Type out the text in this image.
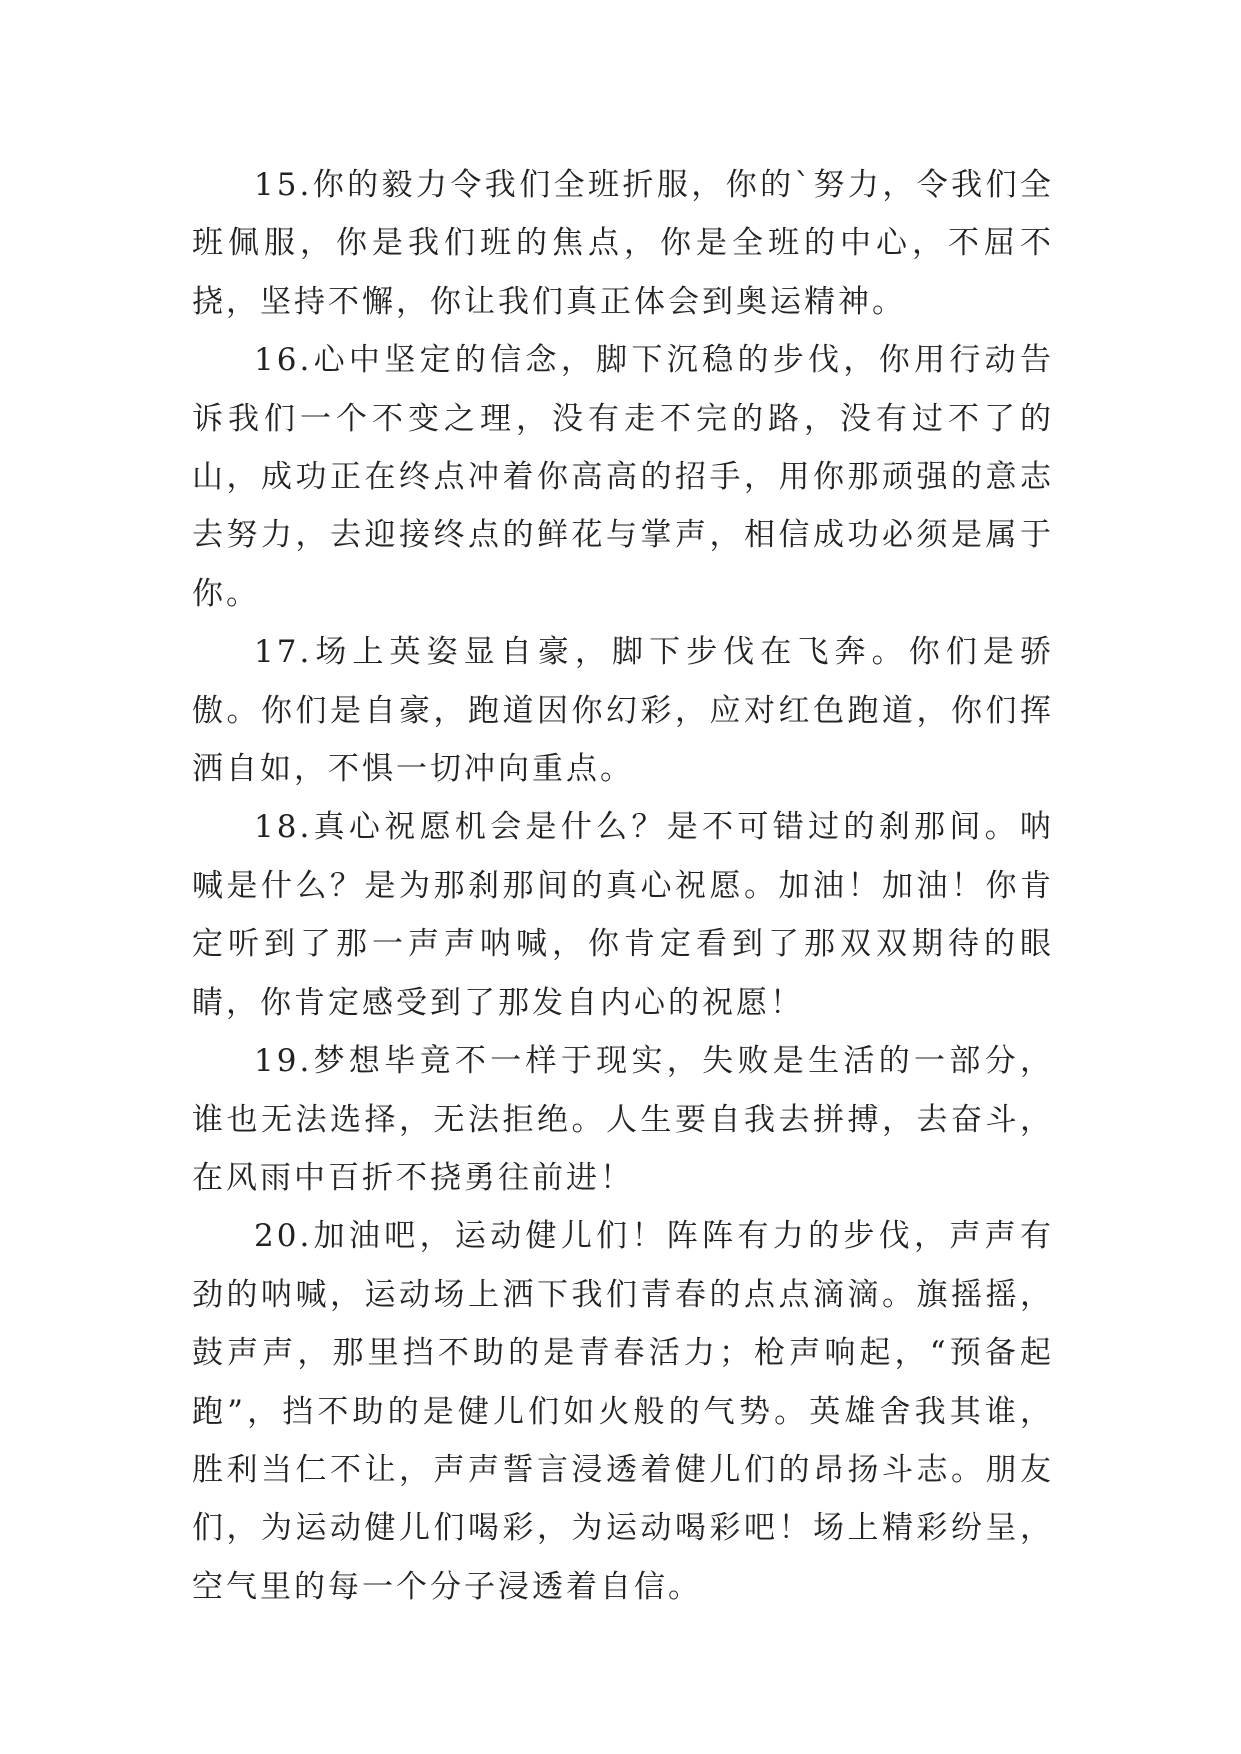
15.你的毅力令我们全班折服，你的`努力，令我们全班佩服，你是我们班的焦点，你是全班的中心，不屈不挠，坚持不懈，你让我们真正体会到奥运精神。

16.心中坚定的信念，脚下沉稳的步伐，你用行动告诉我们一个不变之理，没有走不完的路，没有过不了的山，成功正在终点冲着你高高的招手，用你那顽强的意志去努力，去迎接终点的鲜花与掌声，相信成功必须是属于你。

17.场上英姿显自豪，脚下步伐在飞奔。你们是骄傲。你们是自豪，跑道因你幻彩，应对红色跑道，你们挥洒自如，不惧一切冲向重点。

18.真心祝愿机会是什么？是不可错过的刹那间。呐喊是什么？是为那刹那间的真心祝愿。加油！加油！你肯定听到了那一声声呐喊，你肯定看到了那双双期待的眼睛，你肯定感受到了那发自内心的祝愿！

19.梦想毕竟不一样于现实，失败是生活的一部分，谁也无法选择，无法拒绝。人生要自我去拼搏，去奋斗，在风雨中百折不挠勇往前进！

20.加油吧，运动健儿们！阵阵有力的步伐，声声有劲的呐喊，运动场上洒下我们青春的点点滴滴。旗摇摇，鼓声声，那里挡不助的是青春活力；枪声响起，“预备起跑”，挡不助的是健儿们如火般的气势。英雄舍我其谁，胜利当仁不让，声声誓言浸透着健儿们的昂扬斗志。朋友们，为运动健儿们喝彩，为运动喝彩吧！场上精彩纷呈，空气里的每一个分子浸透着自信。
